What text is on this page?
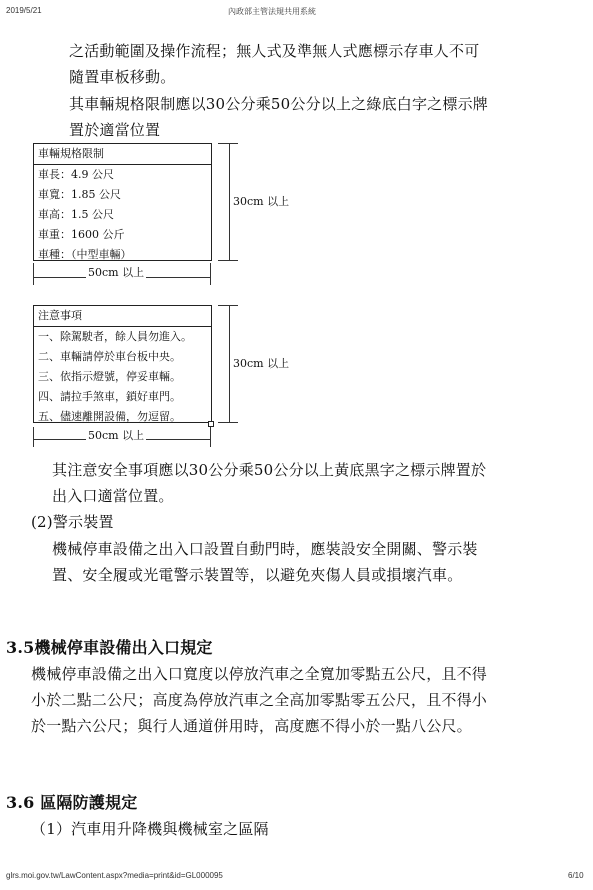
2019/5/21	內政部主管法規共用系統
之活動範圍及操作流程；無人式及準無人式應標示存車人不可
隨置車板移動。
其車輛規格限制應以30公分乘50公分以上之綠底白字之標示牌
置於適當位置
車輛規格限制
車長：4.9 公尺
車寬：1.85 公尺
車高：1.5 公尺
車重：1600 公斤
車種：（中型車輛）
30cm 以上
50cm 以上
注意事項
一、除駕駛者，餘人員勿進入。
二、車輛請停於車台板中央。
三、依指示燈號，停妥車輛。
四、請拉手煞車，鎖好車門。
五、儘速離開設備，勿逗留。
30cm 以上
50cm 以上
其注意安全事項應以30公分乘50公分以上黃底黑字之標示牌置於
出入口適當位置。
(2)警示裝置
機械停車設備之出入口設置自動門時，應裝設安全開關、警示裝
置、安全履或光電警示裝置等，以避免夾傷人員或損壞汽車。
3.5機械停車設備出入口規定
機械停車設備之出入口寬度以停放汽車之全寬加零點五公尺，且不得
小於二點二公尺；高度為停放汽車之全高加零點零五公尺，且不得小
於一點六公尺；與行人通道併用時，高度應不得小於一點八公尺。
3.6 區隔防護規定
（1）汽車用升降機與機械室之區隔
glrs.moi.gov.tw/LawContent.aspx?media=print&id=GL000095	6/10
